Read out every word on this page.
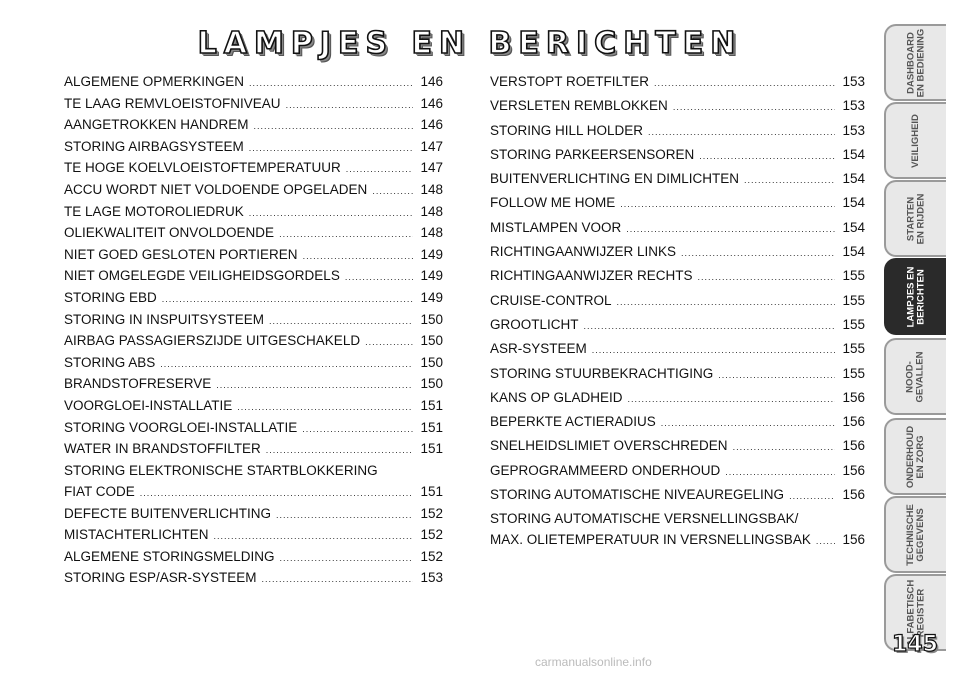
LAMPJES EN BERICHTEN
ALGEMENE OPMERKINGEN .....	146
TE LAAG REMVLOEISTOFNIVEAU .....	146
AANGETROKKEN HANDREM .....	146
STORING AIRBAGSYSTEEM .....	147
TE HOGE KOELVLOEISTOFTEMPERATUUR .....	147
ACCU WORDT NIET VOLDOENDE OPGELADEN .....	148
TE LAGE MOTOROLIEDRUK .....	148
OLIEKWALITEIT ONVOLDOENDE .....	148
NIET GOED GESLOTEN PORTIEREN .....	149
NIET OMGELEGDE VEILIGHEIDSGORDELS .....	149
STORING EBD .....	149
STORING IN INSPUITSYSTEEM .....	150
AIRBAG PASSAGIERSZIJDE UITGESCHAKELD .....	150
STORING ABS .....	150
BRANDSTOFRESERVE .....	150
VOORGLOEI-INSTALLATIE .....	151
STORING VOORGLOEI-INSTALLATIE .....	151
WATER IN BRANDSTOFFILTER .....	151
STORING ELEKTRONISCHE STARTBLOKKERING
FIAT CODE .....	151
DEFECTE BUITENVERLICHTING .....	152
MISTACHTERLICHTEN .....	152
ALGEMENE STORINGSMELDING .....	152
STORING ESP/ASR-SYSTEEM .....	153
VERSTOPT ROETFILTER .....	153
VERSLETEN REMBLOKKEN .....	153
STORING HILL HOLDER .....	153
STORING PARKEERSENSOREN .....	154
BUITENVERLICHTING EN DIMLICHTEN .....	154
FOLLOW ME HOME .....	154
MISTLAMPEN VOOR .....	154
RICHTINGAANWIJZER LINKS .....	154
RICHTINGAANWIJZER RECHTS .....	155
CRUISE-CONTROL .....	155
GROOTLICHT .....	155
ASR-SYSTEEM .....	155
STORING STUURBEKRACHTIGING .....	155
KANS OP GLADHEID .....	156
BEPERKTE ACTIERADIUS .....	156
SNELHEIDSLIMIET OVERSCHREDEN .....	156
GEPROGRAMMEERD ONDERHOUD .....	156
STORING AUTOMATISCHE NIVEAUREGELING .....	156
STORING AUTOMATISCHE VERSNELLINGSBAK/
MAX. OLIETEMPERATUUR IN VERSNELLINGSBAK ..... 156
DASHBOARD
EN BEDIENING
VEILIGHEID
STARTEN
EN RIJDEN
LAMPJES EN
BERICHTEN
NOOD-
GEVALLEN
ONDERHOUD
EN ZORG
TECHNISCHE
GEGEVENS
ALFABETISCH
REGISTER
145
carmanualsonline.info
